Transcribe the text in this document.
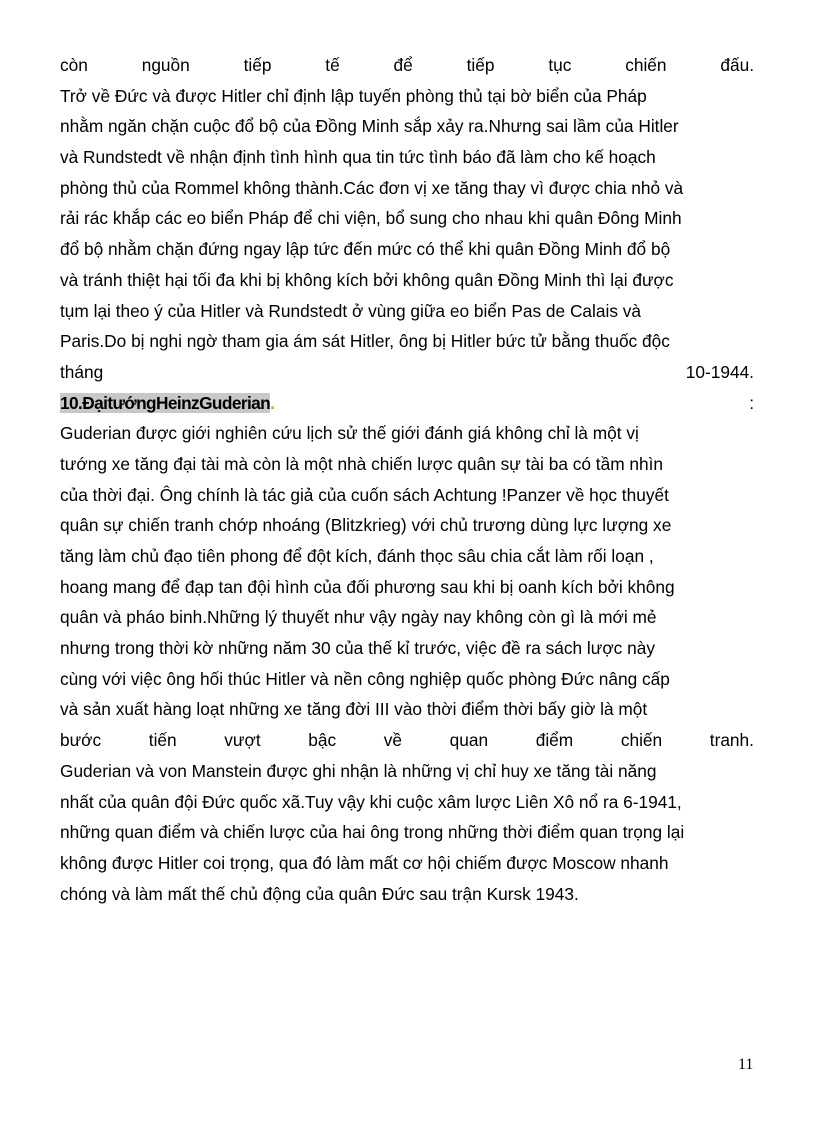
còn	nguồn	tiếp	tế	để	tiếp	tục	chiến	đấu.
Trở về Đức và được Hitler chỉ định lập tuyến phòng thủ tại bờ biển của Pháp
nhằm ngăn chặn cuộc đổ bộ của Đồng Minh sắp xảy ra.Nhưng sai lầm của Hitler
và Rundstedt về nhận định tình hình qua tin tức tình báo đã làm cho kế hoạch
phòng thủ của Rommel không thành.Các đơn vị xe tăng thay vì được chia nhỏ và
rải rác khắp các eo biển Pháp để chi viện, bổ sung cho nhau khi quân Đông Minh
đổ bộ nhằm chặn đứng ngay lập tức đến mức có thể khi quân Đồng Minh đổ bộ
và tránh thiệt hại tối đa khi bị không kích bởi không quân Đồng Minh thì lại được
tụm lại theo ý của Hitler và Rundstedt ở vùng giữa eo biển Pas de Calais và
Paris.Do bị nghi ngờ tham gia ám sát Hitler, ông bị Hitler bức tử bằng thuốc độc
tháng	10-1944.
10.ĐạitướngHeinzGuderian.	:
Guderian được giới nghiên cứu lịch sử thế giới đánh giá không chỉ là một vị
tướng xe tăng đại tài mà còn là một nhà chiến lược quân sự tài ba có tầm nhìn
của thời đại. Ông chính là tác giả của cuốn sách Achtung !Panzer về học thuyết
quân sự chiến tranh chớp nhoáng (Blitzkrieg) với chủ trương dùng lực lượng xe
tăng làm chủ đạo tiên phong để đột kích, đánh thọc sâu chia cắt làm rối loạn ,
hoang mang để đạp tan đội hình của đối phương sau khi bị oanh kích bởi không
quân và pháo binh.Những lý thuyết như vậy ngày nay không còn gì là mới mẻ
nhưng trong thời kờ những năm 30 của thế kỉ trước, việc đề ra sách lược này
cùng với việc ông hối thúc Hitler và nền công nghiệp quốc phòng Đức nâng cấp
và sản xuất hàng loạt những xe tăng đời III vào thời điểm thời bấy giờ là một
bước	tiến	vượt	bậc	về	quan	điểm	chiến	tranh.
Guderian và von Manstein được ghi nhận là những vị chỉ huy xe tăng tài năng
nhất của quân đội Đức quốc xã.Tuy vậy khi cuộc xâm lược Liên Xô nổ ra 6-1941,
những quan điểm và chiến lược của hai ông trong những thời điểm quan trọng lại
không được Hitler coi trọng, qua đó làm mất cơ hội chiếm được Moscow nhanh
chóng và làm mất thế chủ động của quân Đức sau trận Kursk 1943.
11
